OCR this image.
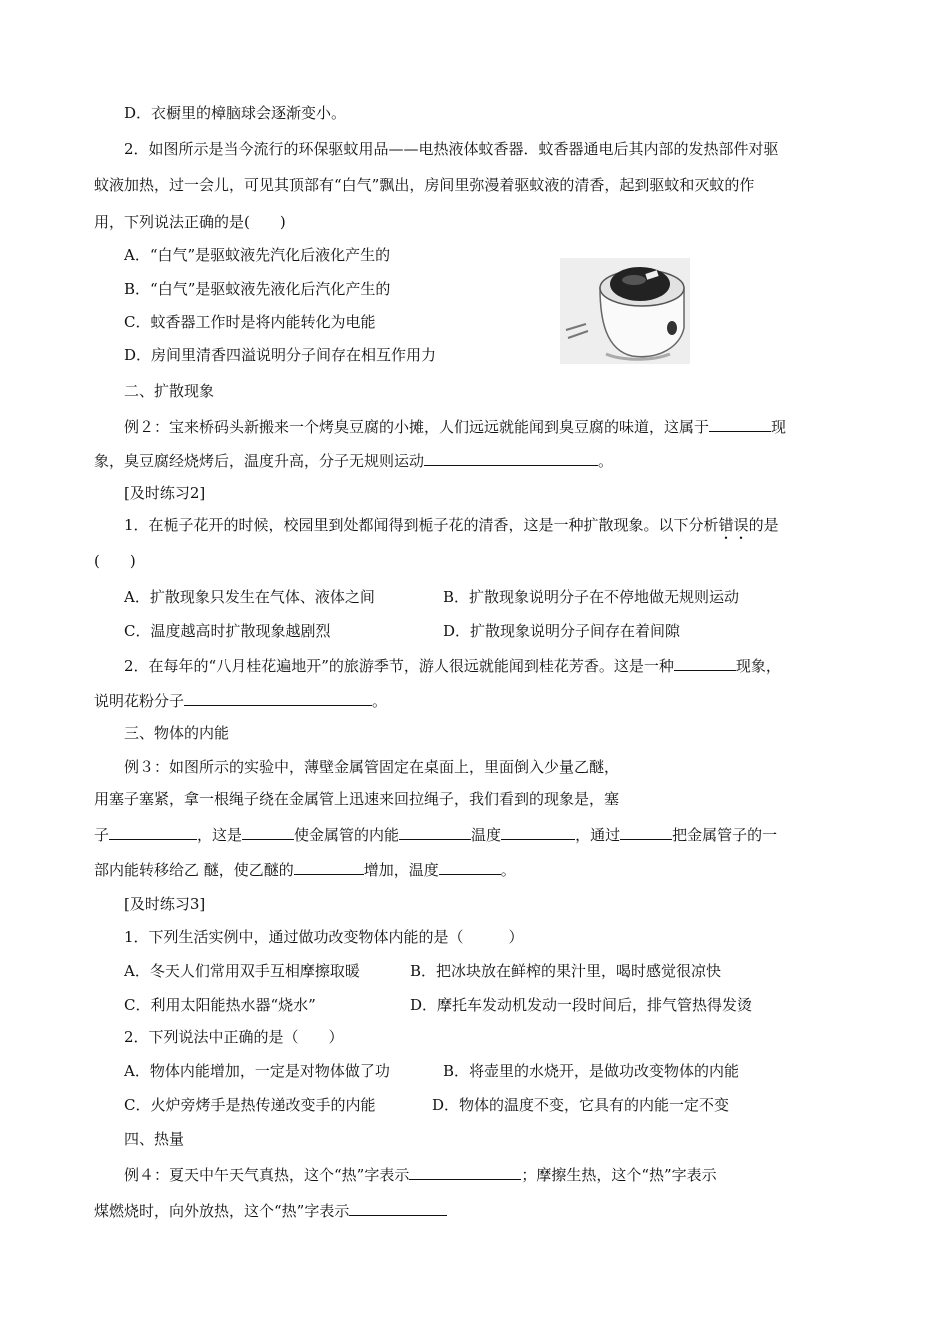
D．衣橱里的樟脑球会逐渐变小。
2．如图所示是当今流行的环保驱蚊用品——电热液体蚊香器．蚊香器通电后其内部的发热部件对驱
蚊液加热，过一会儿，可见其顶部有“白气”飘出，房间里弥漫着驱蚊液的清香，起到驱蚊和灭蚊的作
用，下列说法正确的是(　　)
A．“白气”是驱蚊液先汽化后液化产生的
B．“白气”是驱蚊液先液化后汽化产生的
C．蚊香器工作时是将内能转化为电能
D．房间里清香四溢说明分子间存在相互作用力
二、扩散现象
例２：宝来桥码头新搬来一个烤臭豆腐的小摊，人们远远就能闻到臭豆腐的味道，这属于	现
象，臭豆腐经烧烤后，温度升高，分子无规则运动	。
[及时练习2]
1．在栀子花开的时候，校园里到处都闻得到栀子花的清香，这是一种扩散现象。以下分析错误的是
(　　)
A．扩散现象只发生在气体、液体之间	B．扩散现象说明分子在不停地做无规则运动
C．温度越高时扩散现象越剧烈	D．扩散现象说明分子间存在着间隙
2．在每年的“八月桂花遍地开”的旅游季节，游人很远就能闻到桂花芳香。这是一种	现象，
说明花粉分子	。
三、物体的内能
例３：如图所示的实验中，薄壁金属管固定在桌面上，里面倒入少量乙醚，
用塞子塞紧，拿一根绳子绕在金属管上迅速来回拉绳子，我们看到的现象是，塞
子	，这是	使金属管的内能	温度	，通过	把金属管子的一
部内能转移给乙 醚，使乙醚的	增加，温度	。
[及时练习3]
1．下列生活实例中，通过做功改变物体内能的是（　　　）
A．冬天人们常用双手互相摩擦取暖	B．把冰块放在鲜榨的果汁里，喝时感觉很凉快
C．利用太阳能热水器“烧水”	D．摩托车发动机发动一段时间后，排气管热得发烫
2．下列说法中正确的是（　　）
A．物体内能增加，一定是对物体做了功	B．将壶里的水烧开，是做功改变物体的内能
C．火炉旁烤手是热传递改变手的内能	D．物体的温度不变，它具有的内能一定不变
四、热量
例４：夏天中午天气真热，这个“热”字表示	；摩擦生热，这个“热”字表示
煤燃烧时，向外放热，这个“热”字表示
